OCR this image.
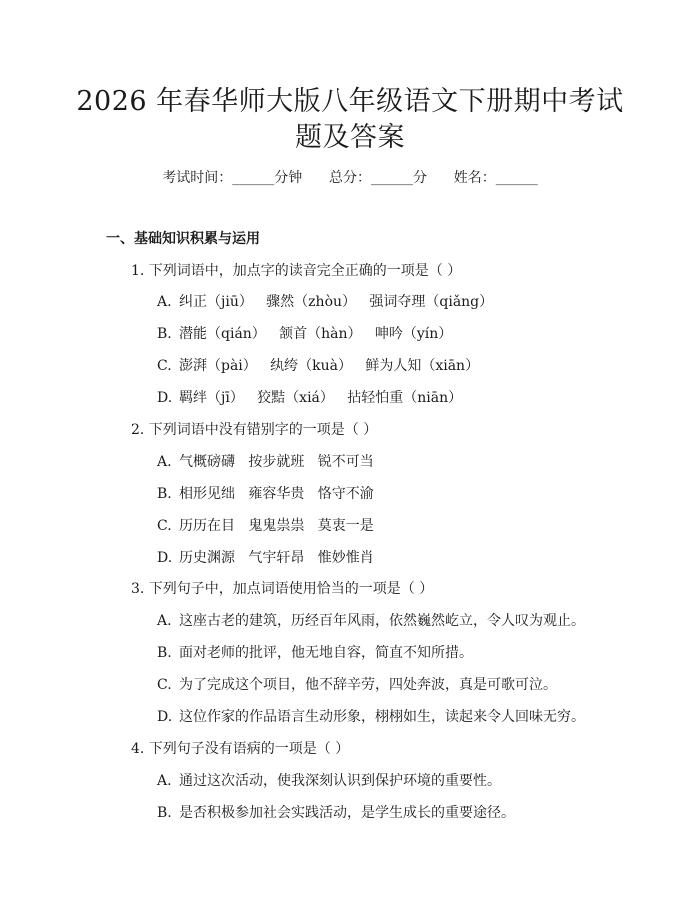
2026 年春华师大版八年级语文下册期中考试
题及答案
考试时间：______分钟      总分：______分      姓名：______
一、基础知识积累与运用
1. 下列词语中，加点字的读音完全正确的一项是（ ）
A. 纠正（jiū）   骤然（zhòu）   强词夺理（qiǎng）
B. 潜能（qián）   颔首（hàn）   呻吟（yín）
C. 澎湃（pài）   纨绔（kuà）   鲜为人知（xiān）
D. 羁绊（jī）   狡黠（xiá）   拈轻怕重（niān）
2. 下列词语中没有错别字的一项是（ ）
A. 气概磅礴   按步就班   锐不可当
B. 相形见绌   雍容华贵   恪守不渝
C. 历历在目   鬼鬼祟祟   莫衷一是
D. 历史渊源   气宇轩昂   惟妙惟肖
3. 下列句子中，加点词语使用恰当的一项是（ ）
A. 这座古老的建筑，历经百年风雨，依然巍然屹立，令人叹为观止。
B. 面对老师的批评，他无地自容，简直不知所措。
C. 为了完成这个项目，他不辞辛劳，四处奔波，真是可歌可泣。
D. 这位作家的作品语言生动形象，栩栩如生，读起来令人回味无穷。
4. 下列句子没有语病的一项是（ ）
A. 通过这次活动，使我深刻认识到保护环境的重要性。
B. 是否积极参加社会实践活动，是学生成长的重要途径。
